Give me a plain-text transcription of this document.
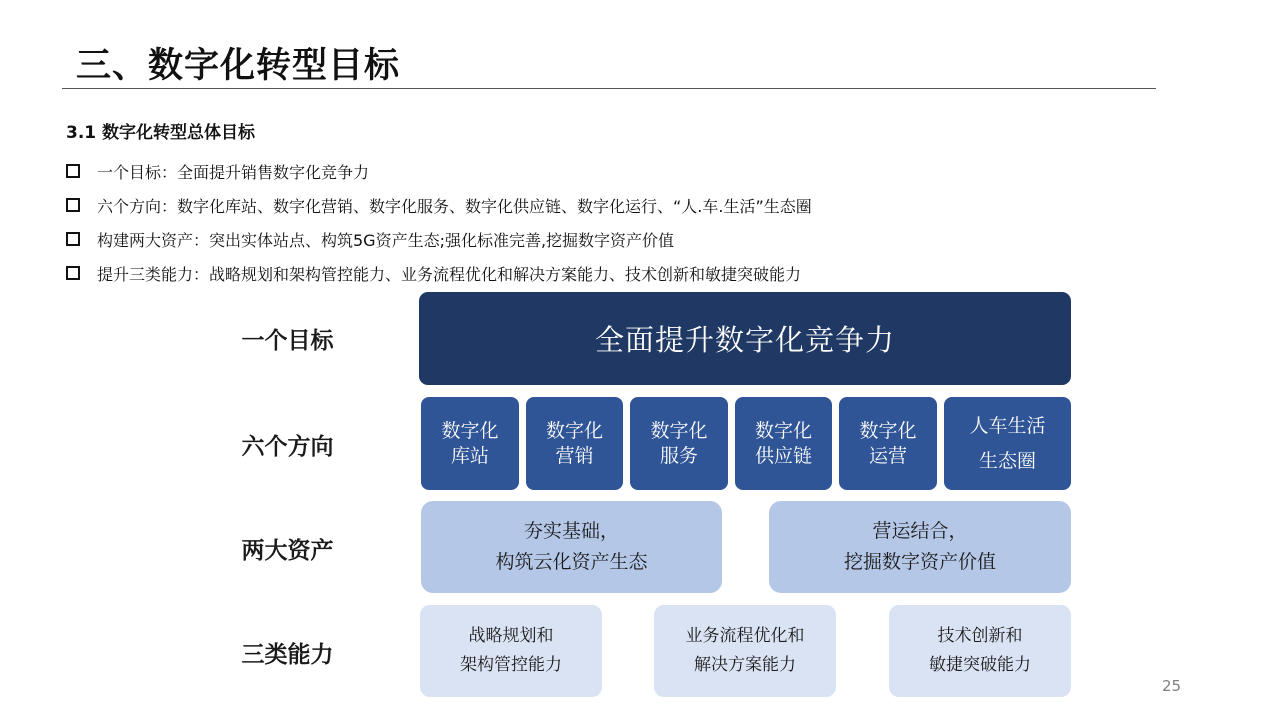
三、数字化转型目标
3.1 数字化转型总体目标
一个目标：全面提升销售数字化竞争力
六个方向：数字化库站、数字化营销、数字化服务、数字化供应链、数字化运行、“人.车.生活”生态圈
构建两大资产：突出实体站点、构筑5G资产生态;强化标准完善,挖掘数字资产价值
提升三类能力：战略规划和架构管控能力、业务流程优化和解决方案能力、技术创新和敏捷突破能力
一个目标
六个方向
两大资产
三类能力
全面提升数字化竞争力
数字化
库站
数字化
营销
数字化
服务
数字化
供应链
数字化
运营
人车生活
生态圈
夯实基础，
构筑云化资产生态
营运结合，
挖掘数字资产价值
战略规划和
架构管控能力
业务流程优化和
解决方案能力
技术创新和
敏捷突破能力
25
